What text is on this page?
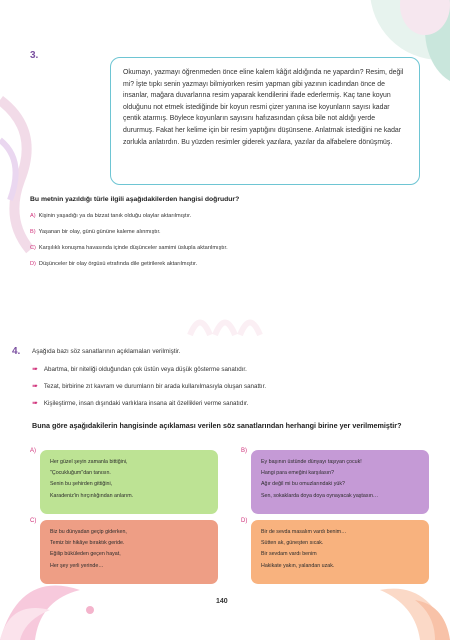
3.
Okumayı, yazmayı öğrenmeden önce eline kalem kâğıt aldığında ne yapardın? Resim, değil mi? İşte tıpkı senin yazmayı bilmiyorken resim yapman gibi yazının icadından önce de insanlar, mağara duvarlarına resim yaparak kendilerini ifade ederlermiş. Kaç tane koyun olduğunu not etmek istediğinde bir koyun resmi çizer yanına ise koyunların sayısı kadar çentik atarmış. Böylece koyunların sayısını hafızasından çıksa bile not aldığı yerde dururmuş. Fakat her kelime için bir resim yaptığını düşünsene. Anlatmak istediğini ne kadar zorlukla anlatırdın. Bu yüzden resimler giderek yazılara, yazılar da alfabelere dönüşmüş.
Bu metnin yazıldığı türle ilgili aşağıdakilerden hangisi doğrudur?
A) Kişinin yaşadığı ya da bizzat tanık olduğu olaylar aktarılmıştır.
B) Yaşanan bir olay, günü gününe kaleme alınmıştır.
C) Karşılıklı konuşma havasında içinde düşünceler samimi üslupla aktarılmıştır.
D) Düşünceler bir olay örgüsü etrafında dile getirilerek aktarılmıştır.
4. Aşağıda bazı söz sanatlarının açıklamaları verilmiştir.
➠ Abartma, bir niteliği olduğundan çok üstün veya düşük gösterme sanatıdır.
➠ Tezat, birbirine zıt kavram ve durumların bir arada kullanılmasıyla oluşan sanattır.
➠ Kişileştirme, insan dışındaki varlıklara insana ait özellikleri verme sanatıdır.
Buna göre aşağıdakilerin hangisinde açıklaması verilen söz sanatlarından herhangi birine yer verilmemiştir?
A)
Her güzel şeyin zamanla bittiğini,
"Çocukluğum"dan tanısın.
Senin bu şehirden gittiğini,
Karadeniz'in hırçınlığından anlarım.
B)
Ey başının üstünde dünyayı taşıyan çocuk!
Hangi para emeğini karşılasın?
Ağır değil mi bu omuzlarındaki yük?
Sen, sokaklarda doya doya oynayacak yaştasın…
C)
Biz bu dünyadan geçip giderken,
Temiz bir hikâye bıraktık geride.
Eğilip büküleden geçen hayat,
Her şey yerli yerinde…
D)
Bir de sevda masalım vardı benim…
Sütten ak, güneşten sıcak.
Bir sevdam vardı benim
Hakikate yakın, yalandan uzak.
140
